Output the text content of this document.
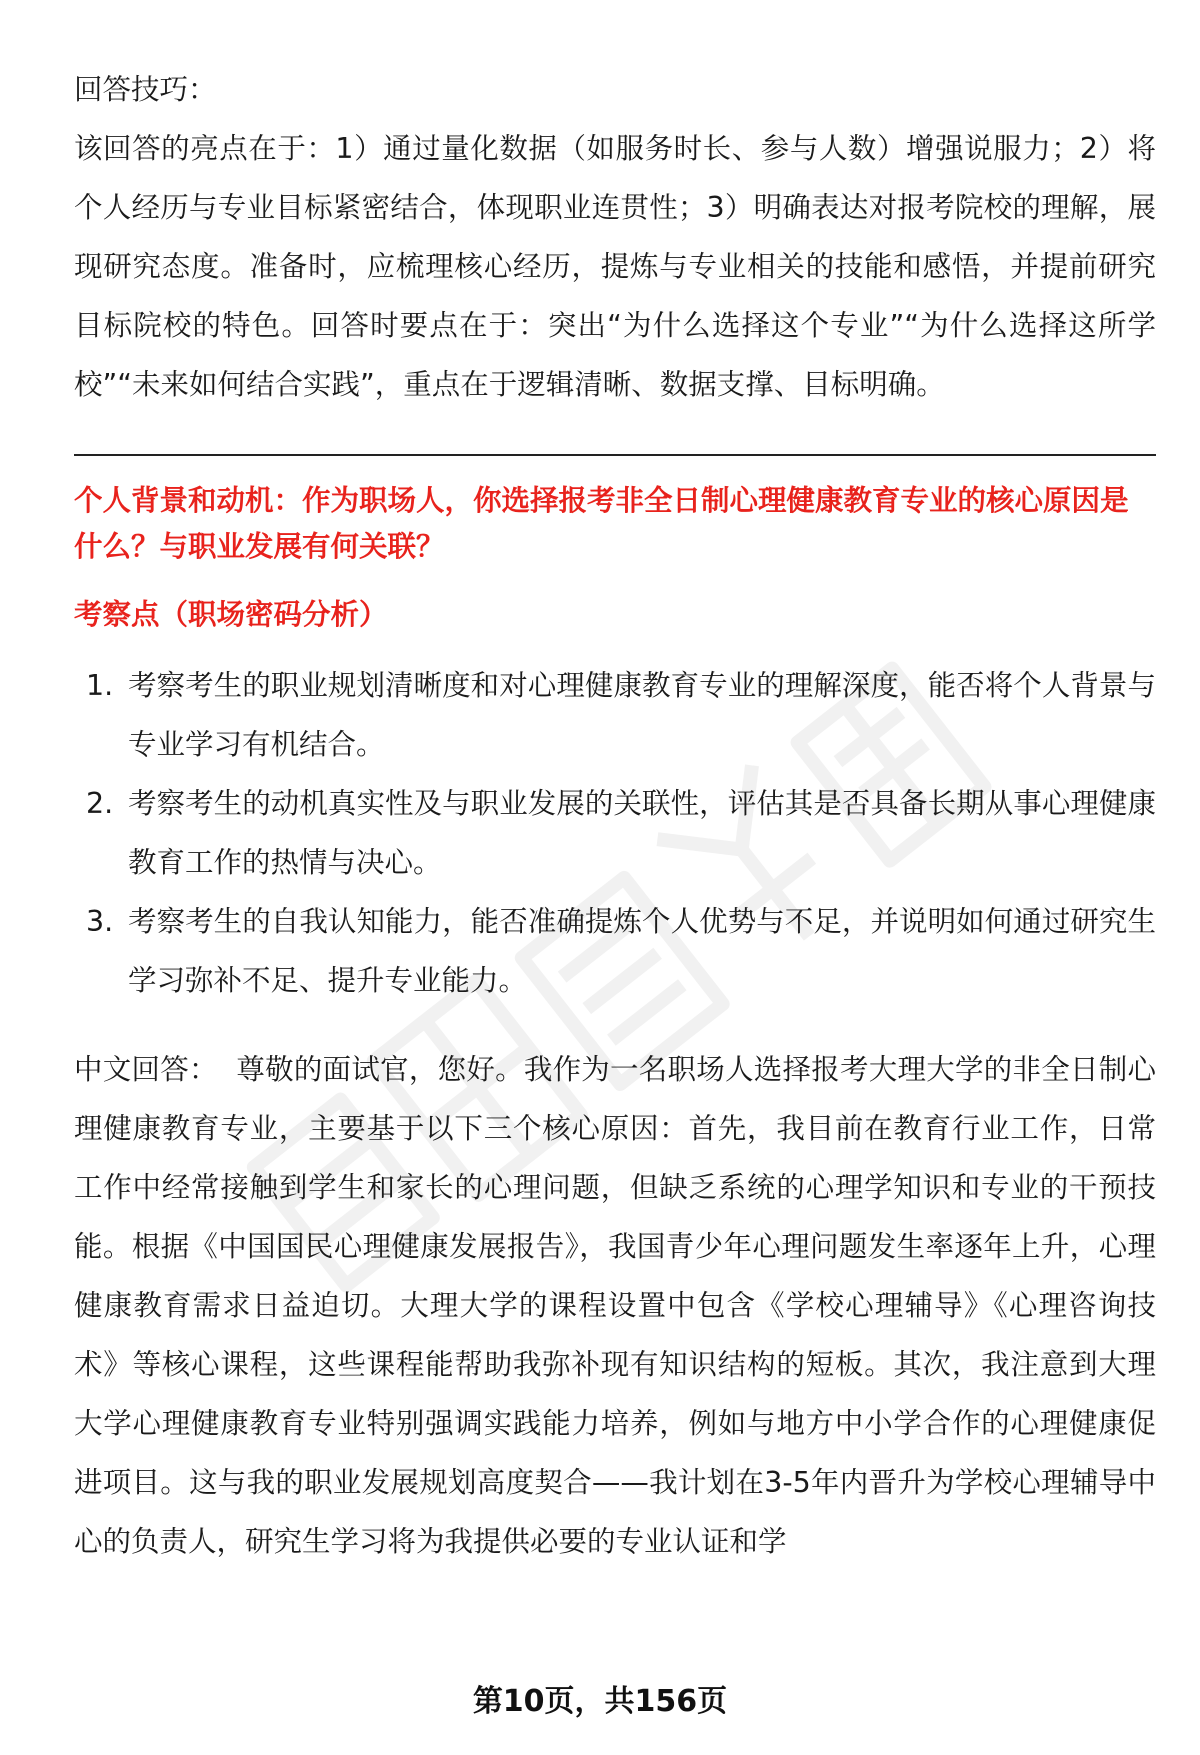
回答技巧：

该回答的亮点在于：1）通过量化数据（如服务时长、参与人数）增强说服力；2）将个人经历与专业目标紧密结合，体现职业连贯性；3）明确表达对报考院校的理解，展现研究态度。准备时，应梳理核心经历，提炼与专业相关的技能和感悟，并提前研究目标院校的特色。回答时要点在于：突出“为什么选择这个专业”“为什么选择这所学校”“未来如何结合实践”，重点在于逻辑清晰、数据支撑、目标明确。

个人背景和动机：作为职场人，你选择报考非全日制心理健康教育专业的核心原因是什么？与职业发展有何关联？

考察点（职场密码分析）

1. 考察考生的职业规划清晰度和对心理健康教育专业的理解深度，能否将个人背景与专业学习有机结合。
2. 考察考生的动机真实性及与职业发展的关联性，评估其是否具备长期从事心理健康教育工作的热情与决心。
3. 考察考生的自我认知能力，能否准确提炼个人优势与不足，并说明如何通过研究生学习弥补不足、提升专业能力。

中文回答： 尊敬的面试官，您好。我作为一名职场人选择报考大理大学的非全日制心理健康教育专业，主要基于以下三个核心原因：首先，我目前在教育行业工作，日常工作中经常接触到学生和家长的心理问题，但缺乏系统的心理学知识和专业的干预技能。根据《中国国民心理健康发展报告》，我国青少年心理问题发生率逐年上升，心理健康教育需求日益迫切。大理大学的课程设置中包含《学校心理辅导》《心理咨询技术》等核心课程，这些课程能帮助我弥补现有知识结构的短板。其次，我注意到大理大学心理健康教育专业特别强调实践能力培养，例如与地方中小学合作的心理健康促进项目。这与我的职业发展规划高度契合——我计划在3-5年内晋升为学校心理辅导中心的负责人，研究生学习将为我提供必要的专业认证和学

第10页，共156页
